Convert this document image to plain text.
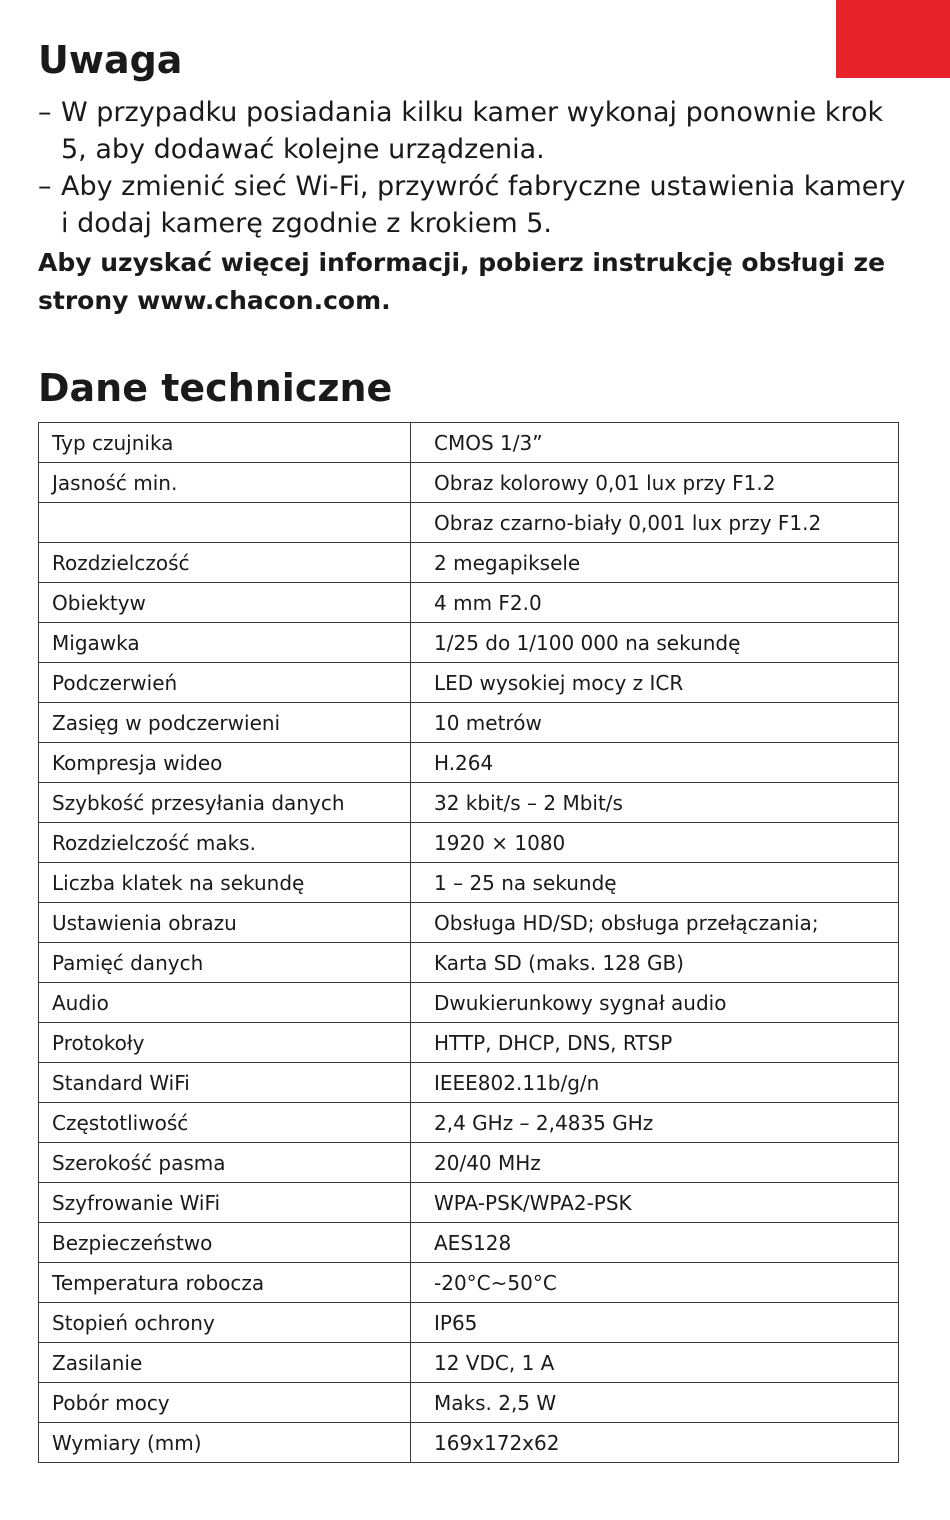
Uwaga
– W przypadku posiadania kilku kamer wykonaj ponownie krok 5, aby dodawać kolejne urządzenia.
– Aby zmienić sieć Wi-Fi, przywróć fabryczne ustawienia kamery i dodaj kamerę zgodnie z krokiem 5.

Aby uzyskać więcej informacji, pobierz instrukcję obsługi ze strony www.chacon.com.

Dane techniczne
Typ czujnika	CMOS 1/3”
Jasność min.	Obraz kolorowy 0,01 lux przy F1.2
	Obraz czarno-biały 0,001 lux przy F1.2
Rozdzielczość	2 megapiksele
Obiektyw	4 mm F2.0
Migawka	1/25 do 1/100 000 na sekundę
Podczerwień	LED wysokiej mocy z ICR
Zasięg w podczerwieni	10 metrów
Kompresja wideo	H.264
Szybkość przesyłania danych	32 kbit/s – 2 Mbit/s
Rozdzielczość maks.	1920 × 1080
Liczba klatek na sekundę	1 – 25 na sekundę
Ustawienia obrazu	Obsługa HD/SD; obsługa przełączania;
Pamięć danych	Karta SD (maks. 128 GB)
Audio	Dwukierunkowy sygnał audio
Protokoły	HTTP, DHCP, DNS, RTSP
Standard WiFi	IEEE802.11b/g/n
Częstotliwość	2,4 GHz – 2,4835 GHz
Szerokość pasma	20/40 MHz
Szyfrowanie WiFi	WPA-PSK/WPA2-PSK
Bezpieczeństwo	AES128
Temperatura robocza	-20°C~50°C
Stopień ochrony	IP65
Zasilanie	12 VDC, 1 A
Pobór mocy	Maks. 2,5 W
Wymiary (mm)	169x172x62
